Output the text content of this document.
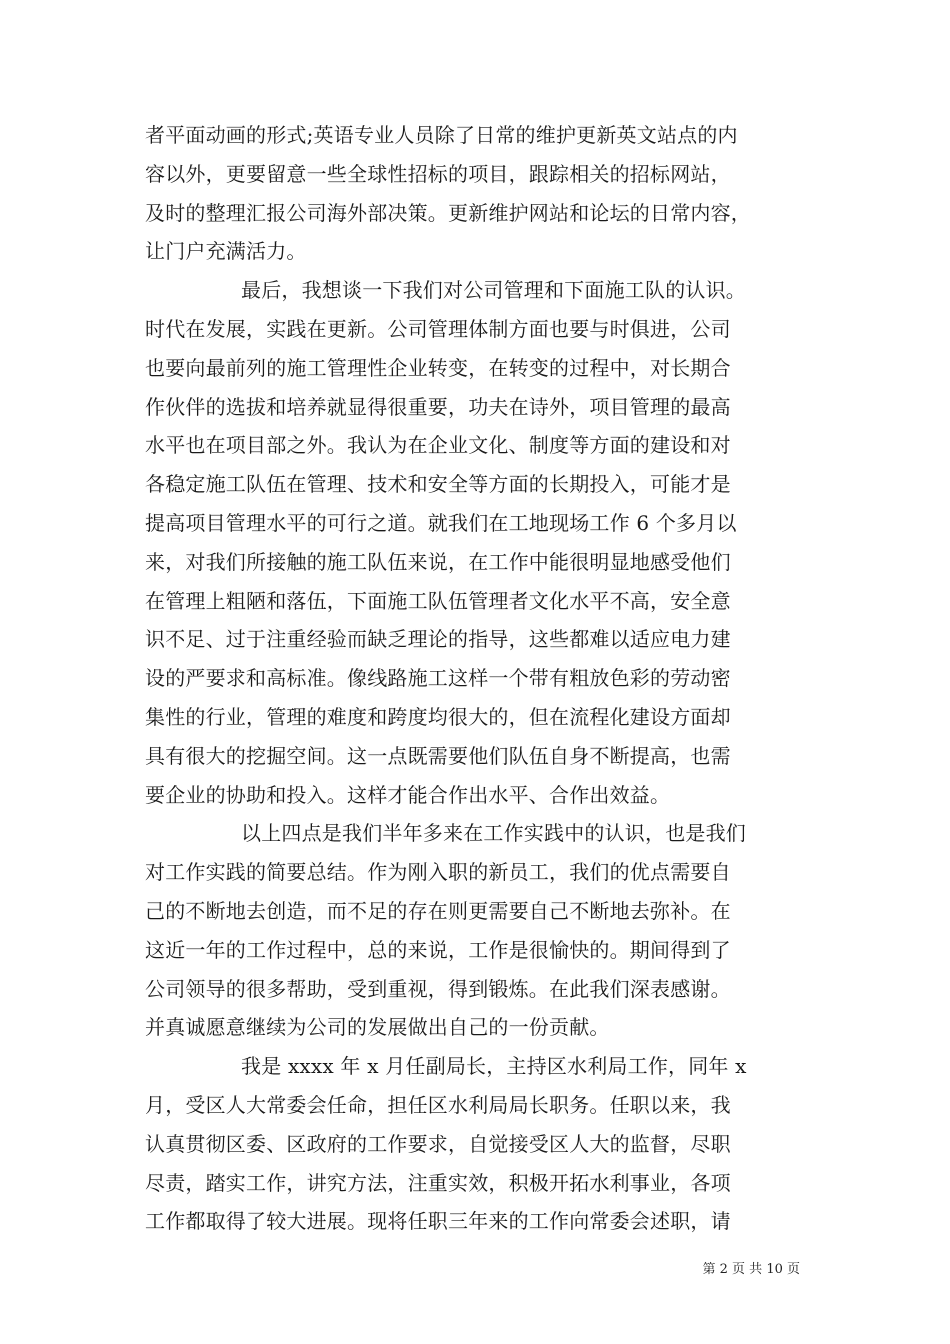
者平面动画的形式;英语专业人员除了日常的维护更新英文站点的内
容以外，更要留意一些全球性招标的项目，跟踪相关的招标网站，
及时的整理汇报公司海外部决策。更新维护网站和论坛的日常内容，
让门户充满活力。
最后，我想谈一下我们对公司管理和下面施工队的认识。
时代在发展，实践在更新。公司管理体制方面也要与时俱进，公司
也要向最前列的施工管理性企业转变，在转变的过程中，对长期合
作伙伴的选拔和培养就显得很重要，功夫在诗外，项目管理的最高
水平也在项目部之外。我认为在企业文化、制度等方面的建设和对
各稳定施工队伍在管理、技术和安全等方面的长期投入，可能才是
提高项目管理水平的可行之道。就我们在工地现场工作 6 个多月以
来，对我们所接触的施工队伍来说，在工作中能很明显地感受他们
在管理上粗陋和落伍，下面施工队伍管理者文化水平不高，安全意
识不足、过于注重经验而缺乏理论的指导，这些都难以适应电力建
设的严要求和高标准。像线路施工这样一个带有粗放色彩的劳动密
集性的行业，管理的难度和跨度均很大的，但在流程化建设方面却
具有很大的挖掘空间。这一点既需要他们队伍自身不断提高，也需
要企业的协助和投入。这样才能合作出水平、合作出效益。
以上四点是我们半年多来在工作实践中的认识，也是我们
对工作实践的简要总结。作为刚入职的新员工，我们的优点需要自
己的不断地去创造，而不足的存在则更需要自己不断地去弥补。在
这近一年的工作过程中，总的来说，工作是很愉快的。期间得到了
公司领导的很多帮助，受到重视，得到锻炼。在此我们深表感谢。
并真诚愿意继续为公司的发展做出自己的一份贡献。
我是 xxxx 年 x 月任副局长，主持区水利局工作，同年 x
月，受区人大常委会任命，担任区水利局局长职务。任职以来，我
认真贯彻区委、区政府的工作要求，自觉接受区人大的监督，尽职
尽责，踏实工作，讲究方法，注重实效，积极开拓水利事业，各项
工作都取得了较大进展。现将任职三年来的工作向常委会述职，请
第 2 页 共 10 页
